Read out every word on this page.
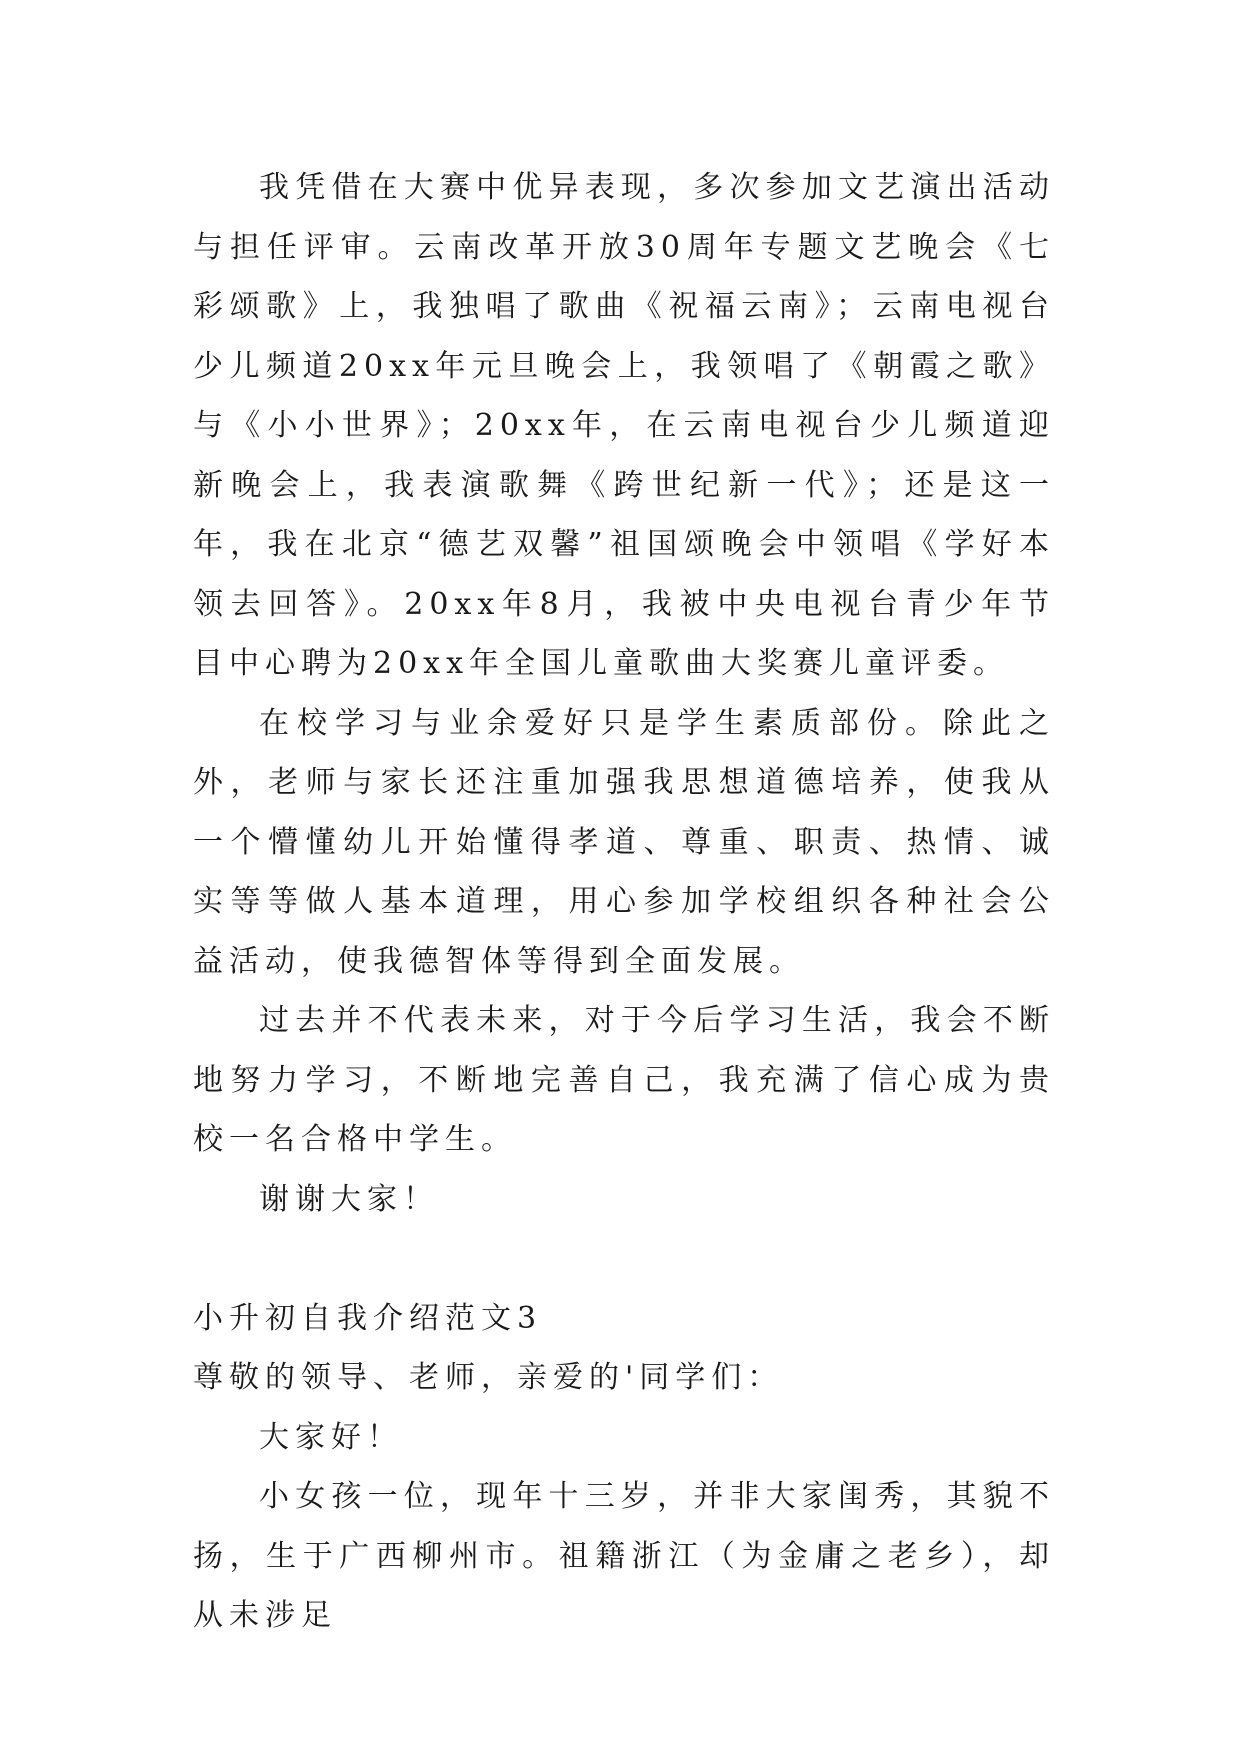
我凭借在大赛中优异表现，多次参加文艺演出活动与担任评审。云南改革开放30周年专题文艺晚会《七彩颂歌》上，我独唱了歌曲《祝福云南》；云南电视台少儿频道20xx年元旦晚会上，我领唱了《朝霞之歌》与《小小世界》；20xx年，在云南电视台少儿频道迎新晚会上，我表演歌舞《跨世纪新一代》；还是这一年，我在北京“德艺双馨”祖国颂晚会中领唱《学好本领去回答》。20xx年8月，我被中央电视台青少年节目中心聘为20xx年全国儿童歌曲大奖赛儿童评委。

在校学习与业余爱好只是学生素质部份。除此之外，老师与家长还注重加强我思想道德培养，使我从一个懵懂幼儿开始懂得孝道、尊重、职责、热情、诚实等等做人基本道理，用心参加学校组织各种社会公益活动，使我德智体等得到全面发展。

过去并不代表未来，对于今后学习生活，我会不断地努力学习，不断地完善自己，我充满了信心成为贵校一名合格中学生。

谢谢大家！

小升初自我介绍范文3

尊敬的领导、老师，亲爱的'同学们：

大家好！

小女孩一位，现年十三岁，并非大家闺秀，其貌不扬，生于广西柳州市。祖籍浙江（为金庸之老乡），却从未涉足
